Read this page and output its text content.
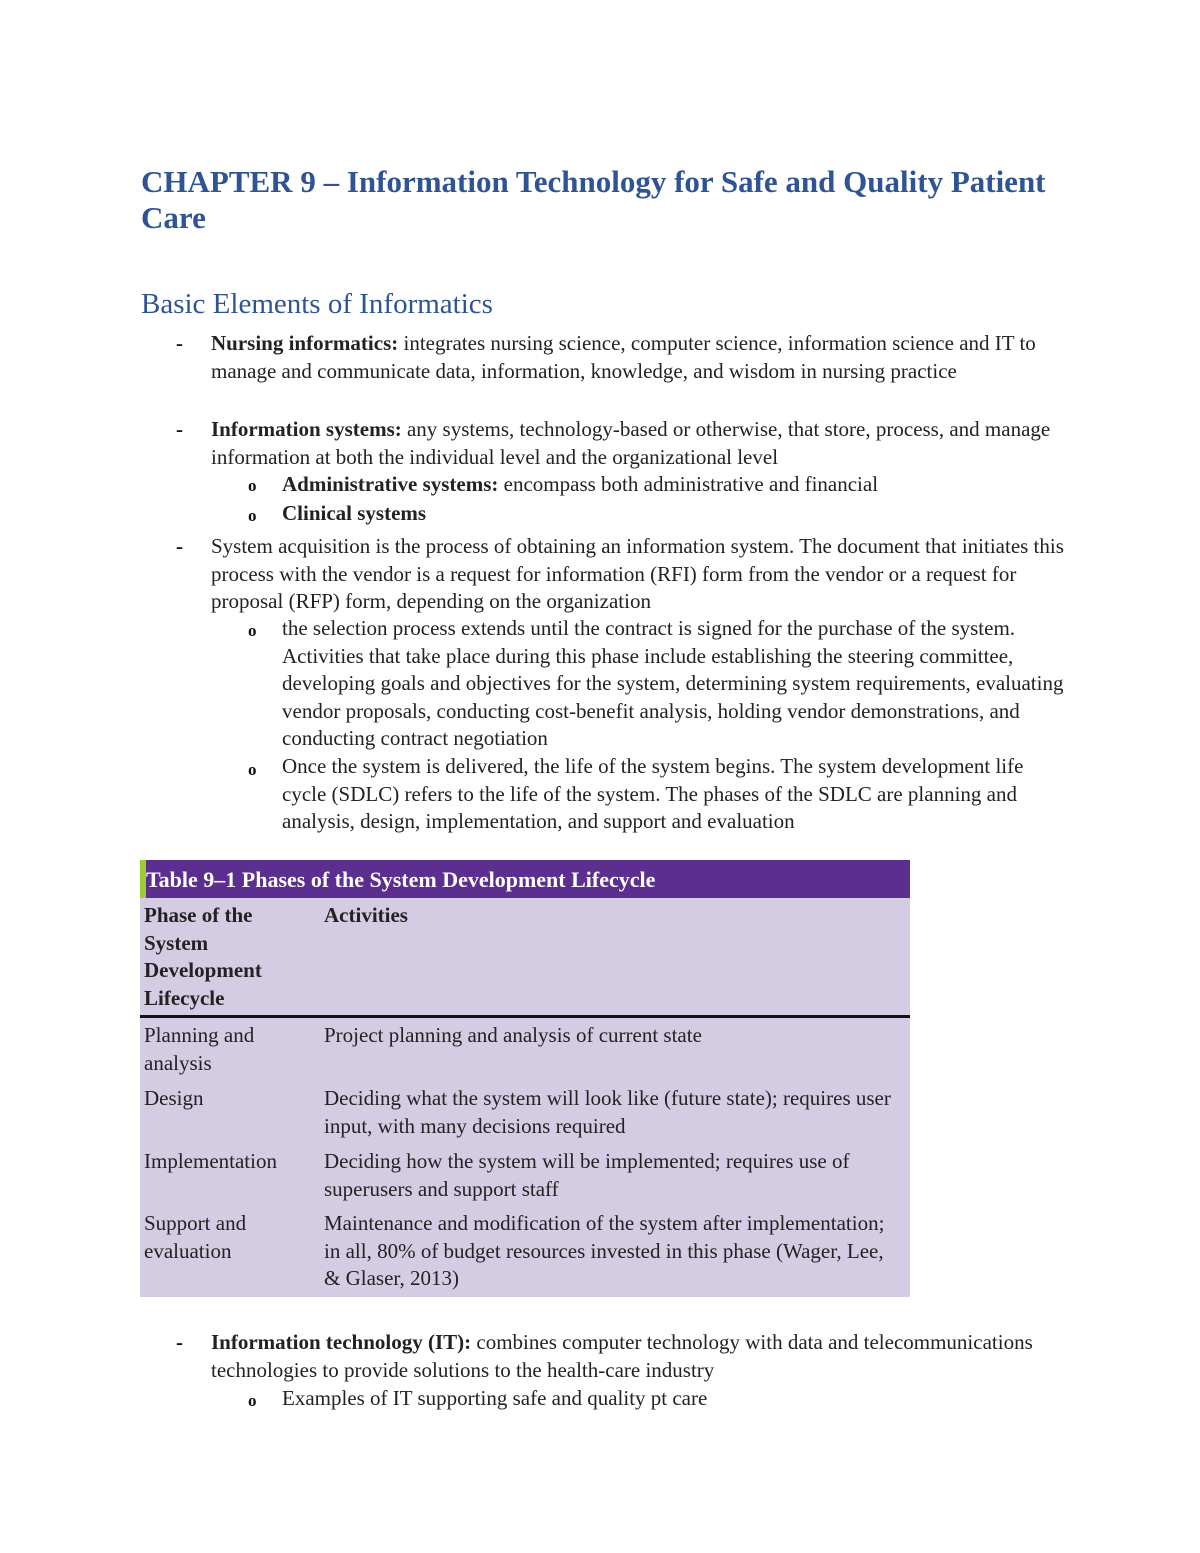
CHAPTER 9 – Information Technology for Safe and Quality Patient Care
Basic Elements of Informatics
- Nursing informatics: integrates nursing science, computer science, information science and IT to manage and communicate data, information, knowledge, and wisdom in nursing practice
- Information systems: any systems, technology-based or otherwise, that store, process, and manage information at both the individual level and the organizational level
o Administrative systems: encompass both administrative and financial
o Clinical systems
- System acquisition is the process of obtaining an information system. The document that initiates this process with the vendor is a request for information (RFI) form from the vendor or a request for proposal (RFP) form, depending on the organization
o the selection process extends until the contract is signed for the purchase of the system. Activities that take place during this phase include establishing the steering committee, developing goals and objectives for the system, determining system requirements, evaluating vendor proposals, conducting cost-benefit analysis, holding vendor demonstrations, and conducting contract negotiation
o Once the system is delivered, the life of the system begins. The system development life cycle (SDLC) refers to the life of the system. The phases of the SDLC are planning and analysis, design, implementation, and support and evaluation
Table 9–1 Phases of the System Development Lifecycle
Phase of the System Development Lifecycle
Activities
Planning and analysis
Project planning and analysis of current state
Design	Deciding what the system will look like (future state); requires user input, with many decisions required
Implementation	Deciding how the system will be implemented; requires use of superusers and support staff
Support and evaluation
Maintenance and modification of the system after implementation; in all, 80% of budget resources invested in this phase (Wager, Lee, & Glaser, 2013)
- Information technology (IT): combines computer technology with data and telecommunications technologies to provide solutions to the health-care industry
o Examples of IT supporting safe and quality pt care
